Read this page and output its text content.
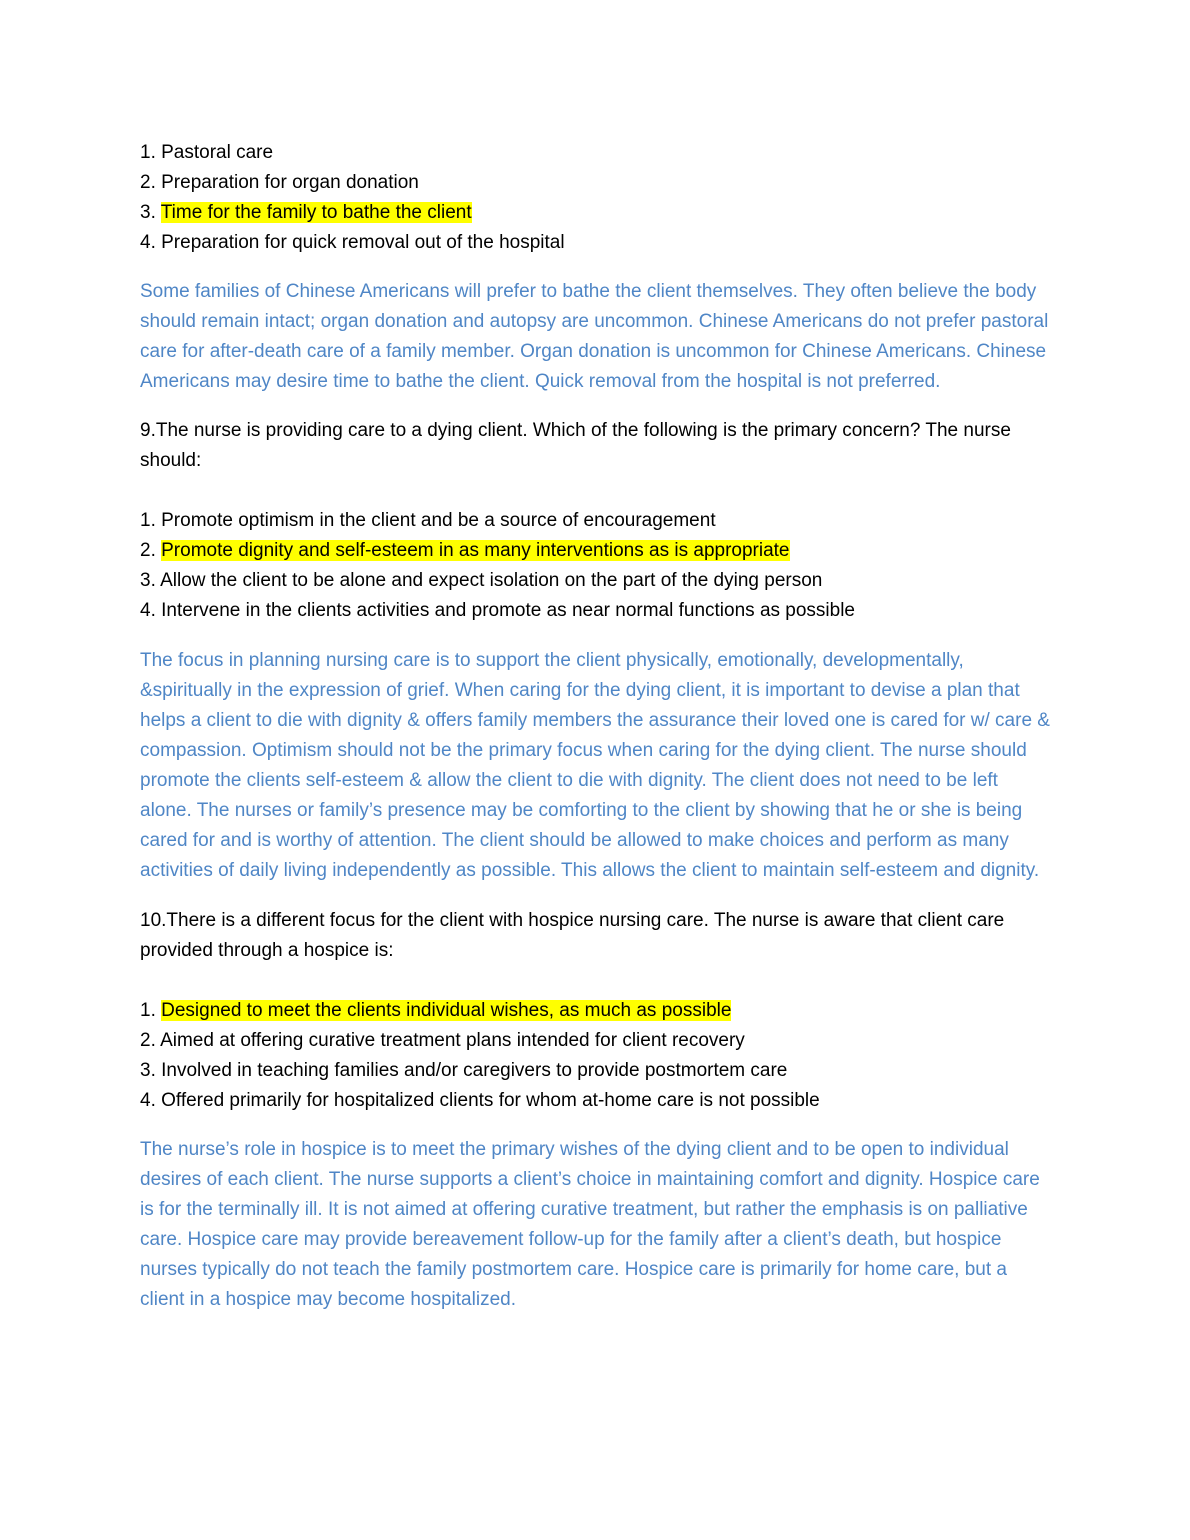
1. Pastoral care

2. Preparation for organ donation

3. Time for the family to bathe the client

4. Preparation for quick removal out of the hospital

Some families of Chinese Americans will prefer to bathe the client themselves. They often believe the body should remain intact; organ donation and autopsy are uncommon. Chinese Americans do not prefer pastoral care for after-death care of a family member. Organ donation is uncommon for Chinese Americans. Chinese Americans may desire time to bathe the client. Quick removal from the hospital is not preferred.

9.The nurse is providing care to a dying client. Which of the following is the primary concern? The nurse should:

1. Promote optimism in the client and be a source of encouragement

2. Promote dignity and self-esteem in as many interventions as is appropriate

3. Allow the client to be alone and expect isolation on the part of the dying person

4. Intervene in the clients activities and promote as near normal functions as possible

The focus in planning nursing care is to support the client physically, emotionally, developmentally, &spiritually in the expression of grief. When caring for the dying client, it is important to devise a plan that helps a client to die with dignity & offers family members the assurance their loved one is cared for w/ care & compassion. Optimism should not be the primary focus when caring for the dying client. The nurse should promote the clients self-esteem & allow the client to die with dignity. The client does not need to be left alone. The nurses or family’s presence may be comforting to the client by showing that he or she is being cared for and is worthy of attention. The client should be allowed to make choices and perform as many activities of daily living independently as possible. This allows the client to maintain self-esteem and dignity.

10.There is a different focus for the client with hospice nursing care. The nurse is aware that client care provided through a hospice is:

1. Designed to meet the clients individual wishes, as much as possible

2. Aimed at offering curative treatment plans intended for client recovery

3. Involved in teaching families and/or caregivers to provide postmortem care

4. Offered primarily for hospitalized clients for whom at-home care is not possible

The nurse’s role in hospice is to meet the primary wishes of the dying client and to be open to individual desires of each client. The nurse supports a client’s choice in maintaining comfort and dignity. Hospice care is for the terminally ill. It is not aimed at offering curative treatment, but rather the emphasis is on palliative care. Hospice care may provide bereavement follow-up for the family after a client’s death, but hospice nurses typically do not teach the family postmortem care. Hospice care is primarily for home care, but a client in a hospice may become hospitalized.
